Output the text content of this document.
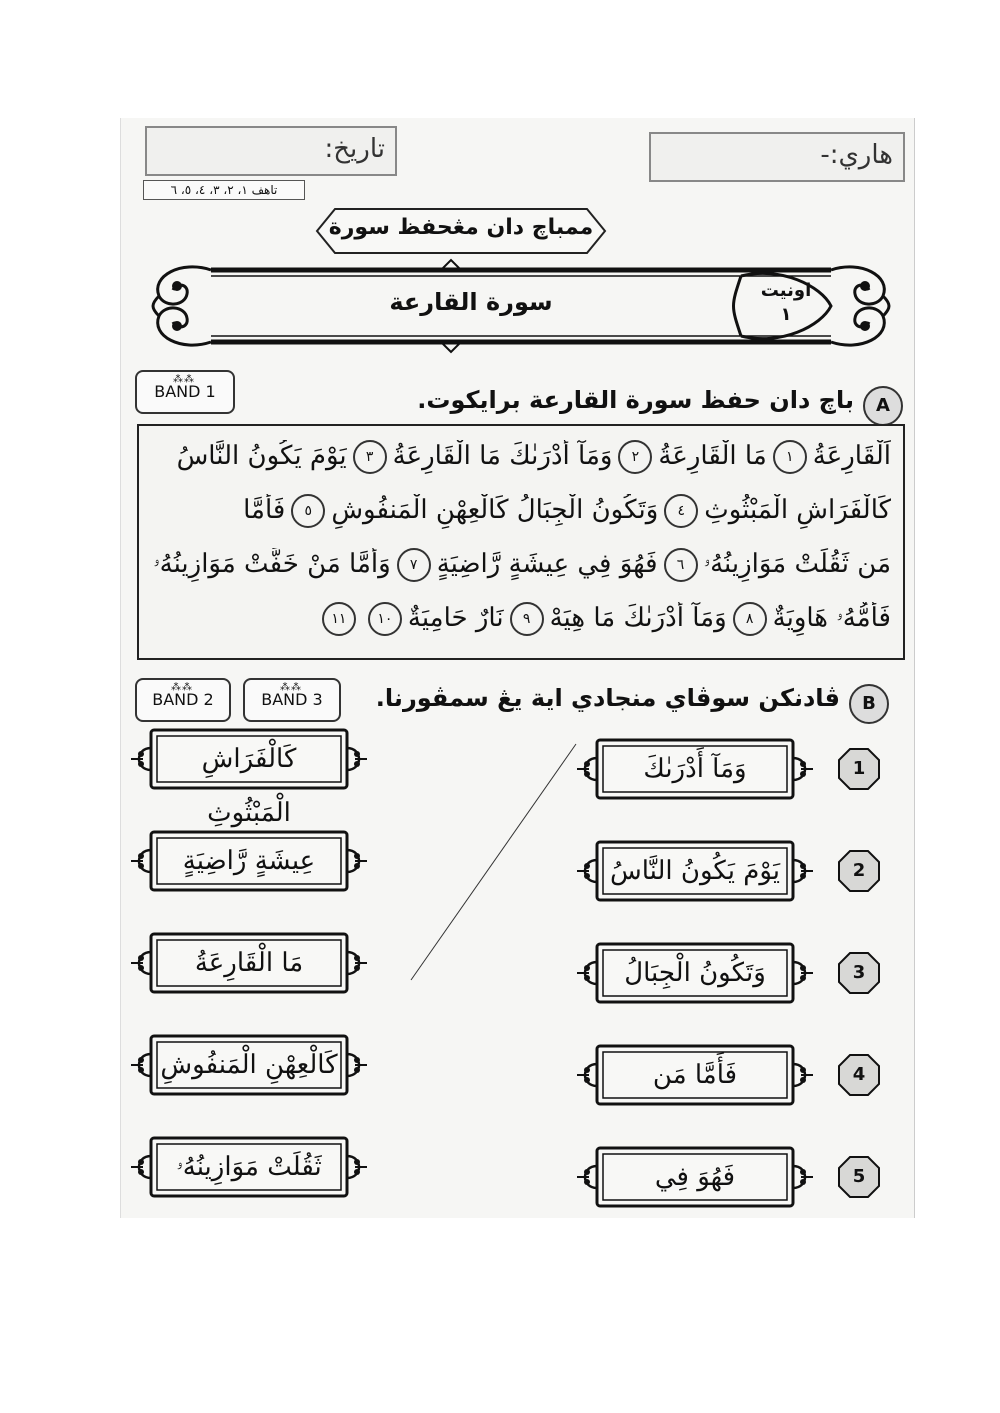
تاريخ:	هاري:-
تاهف ١، ٢، ٣، ٤، ٥، ٦
ممباچ دان مڠحفظ سورة
اونيت
١
سورة القارعة
⁂⁂
BAND 1
A
باچ دان حفظ سورة القارعة برايكوت.
اَلْقَارِعَةُ١مَا الْقَارِعَةُ٢وَمَآ أَدْرَىٰكَ مَا الْقَارِعَةُ٣يَوْمَ يَكُونُ النَّاسُ
كَالْفَرَاشِ الْمَبْثُوثِ٤وَتَكُونُ الْجِبَالُ كَالْعِهْنِ الْمَنفُوشِ٥فَأَمَّا
مَن ثَقُلَتْ مَوَازِينُهُۥ٦فَهُوَ فِي عِيشَةٍ رَّاضِيَةٍ٧وَأَمَّا مَنْ خَفَّتْ مَوَازِينُهُۥ
فَأُمُّهُۥ هَاوِيَةٌ٨وَمَآ أَدْرَىٰكَ مَا هِيَهْ٩نَارٌ حَامِيَةٌ١٠١١
⁂⁂
BAND 2
⁂⁂
BAND 3	B
ڤادنكن سوڤاي منجادي اية يڠ سمڤورنا.
وَمَآ أَدْرَىٰكَ	1
يَوْمَ يَكُونُ النَّاسُ	2
وَتَكُونُ الْجِبَالُ	3
فَأَمَّا مَن	4
فَهُوَ فِي	5
كَالْفَرَاشِ الْمَبْثُوثِ
عِيشَةٍ رَّاضِيَةٍ
مَا الْقَارِعَةُ
كَالْعِهْنِ الْمَنفُوشِ
ثَقُلَتْ مَوَازِينُهُۥ
